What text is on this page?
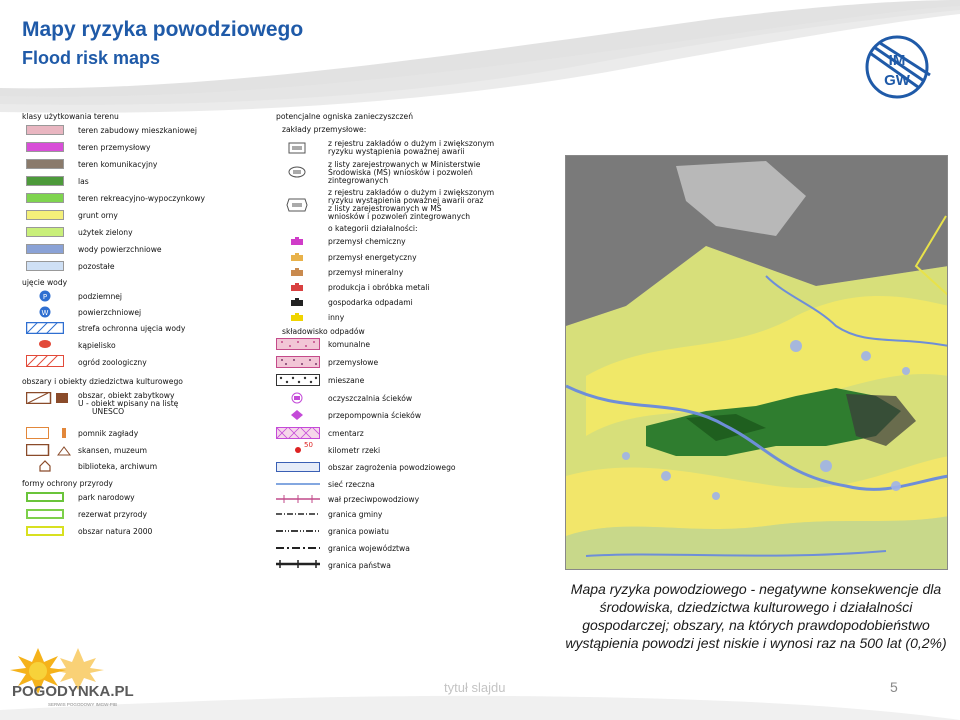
Mapy ryzyka powodziowego
Flood risk maps	IM
GW
klasy użytkowania terenu
teren zabudowy mieszkaniowej
teren przemysłowy
teren komunikacyjny
las
teren rekreacyjno-wypoczynkowy
grunt orny
użytek zielony
wody powierzchniowe
pozostałe
ujęcie wody
P	podziemnej
W	powierzchniowej
strefa ochronna ujęcia wody
kąpielisko
ogród zoologiczny
obszary i obiekty dziedzictwa kulturowego
obszar, obiekt zabytkowy
U - obiekt wpisany na listę
UNESCO
pomnik zagłady
skansen, muzeum
biblioteka, archiwum
formy ochrony przyrody
park narodowy
rezerwat przyrody
obszar natura 2000
potencjalne ogniska zanieczyszczeń
zakłady przemysłowe:
z rejestru zakładów o dużym i zwiększonym
ryzyku wystąpienia poważnej awarii
z listy zarejestrowanych w Ministerstwie
Środowiska (MŚ) wniosków i pozwoleń
zintegrowanych
z rejestru zakładów o dużym i zwiększonym
ryzyku wystąpienia poważnej awarii oraz
z listy zarejestrowanych w MŚ
wniosków i pozwoleń zintegrowanych
o kategorii działalności:
przemysł chemiczny
przemysł energetyczny
przemysł mineralny
produkcja i obróbka metali
gospodarka odpadami
inny
składowisko odpadów
komunalne
przemysłowe
mieszane
oczyszczalnia ścieków
przepompownia ścieków
cmentarz
50
kilometr rzeki
obszar zagrożenia powodziowego
sieć rzeczna
wał przeciwpowodziowy
granica gminy
granica powiatu
granica województwa
granica państwa
Mapa ryzyka powodziowego - negatywne konsekwencje dla środowiska, dziedzictwa kulturowego i działalności gospodarczej; obszary, na których prawdopodobieństwo wystąpienia powodzi jest niskie i wynosi raz na 500 lat (0,2%)
POGODYNKA.PL
SERWIS POGODOWY IMGW-PIB
tytuł slajdu	5
